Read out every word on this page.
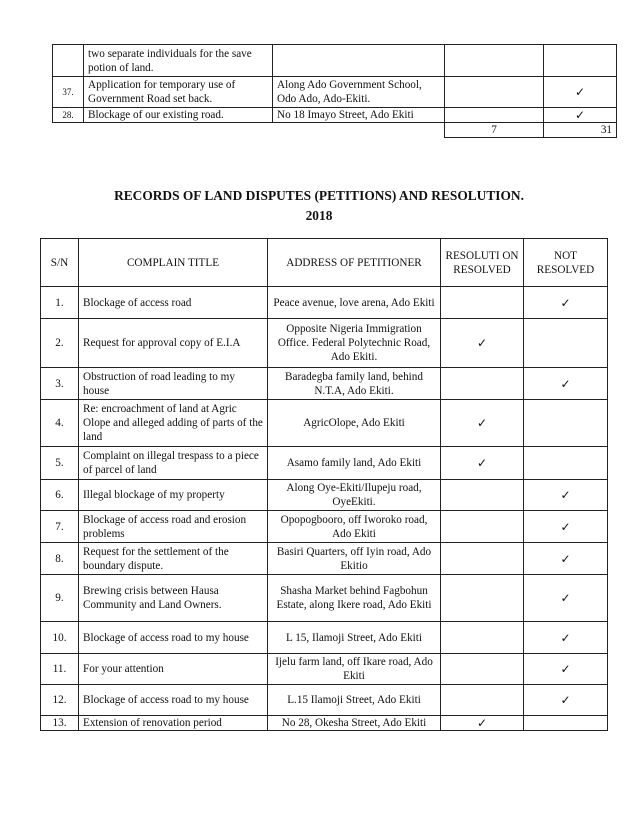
	two separate individuals for the save potion of land.			
37.	Application for temporary use of Government Road set back.	Along Ado Government School, Odo Ado, Ado-Ekiti.		✓
28.	Blockage of our existing road.	No 18 Imayo Street, Ado Ekiti		✓
			7	31
RECORDS OF LAND DISPUTES (PETITIONS) AND RESOLUTION.
2018
S/N	COMPLAIN TITLE	ADDRESS OF PETITIONER	RESOLUTI ON RESOLVED	NOT RESOLVED
1.	Blockage of access road	Peace avenue, love arena, Ado Ekiti		✓
2.	Request for approval copy of E.I.A	Opposite Nigeria Immigration Office. Federal Polytechnic Road, Ado Ekiti.	✓	
3.	Obstruction of road leading to my house	Baradegba family land, behind N.T.A, Ado Ekiti.		✓
4.	Re: encroachment of land at Agric Olope and alleged adding of parts of the land	AgricOlope, Ado Ekiti	✓	
5.	Complaint on illegal trespass to a piece of parcel of land	Asamo family land, Ado Ekiti	✓	
6.	Illegal blockage of my property	Along Oye-Ekiti/Ilupeju road, OyeEkiti.		✓
7.	Blockage of access road and erosion problems	Opopogbooro, off Iworoko road, Ado Ekiti		✓
8.	Request for the settlement of the boundary dispute.	Basiri Quarters, off Iyin road, Ado Ekitio		✓
9.	Brewing crisis between Hausa Community and Land Owners.	Shasha Market behind Fagbohun Estate, along Ikere road, Ado Ekiti		✓
10.	Blockage of access road to my house	L 15, Ilamoji Street, Ado Ekiti		✓
11.	For your attention	Ijelu farm land, off Ikare road, Ado Ekiti		✓
12.	Blockage of access road to my house	L.15 Ilamoji Street, Ado Ekiti		✓
13.	Extension of renovation period	No 28, Okesha Street, Ado Ekiti	✓	
